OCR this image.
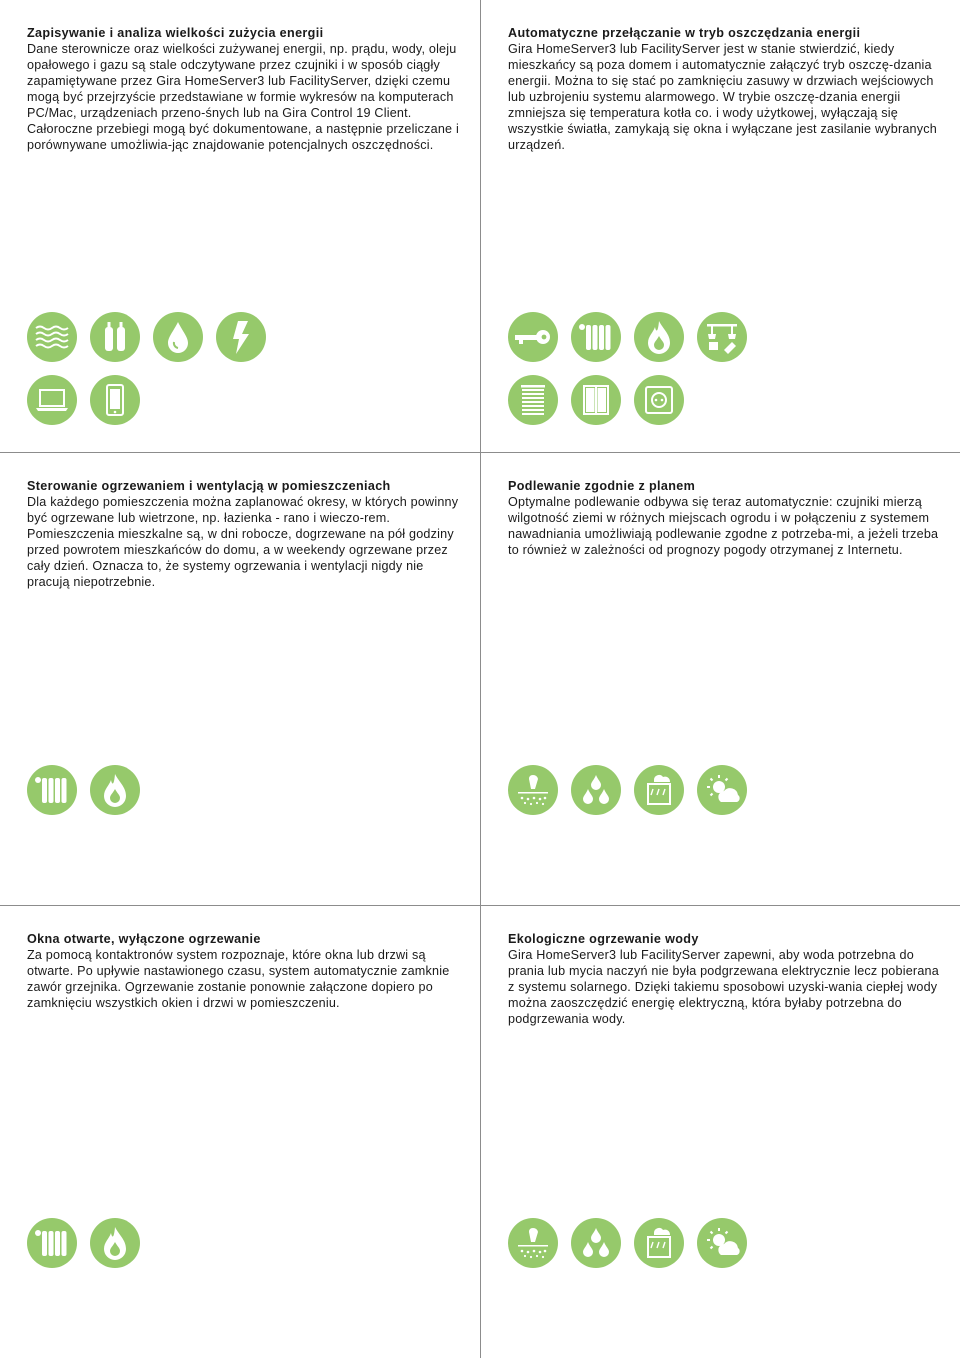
Zapisywanie i analiza wielkości zużycia energii

Dane sterownicze oraz wielkości zużywanej energii, np. prądu, wody, oleju opałowego i gazu są stale odczytywane przez czujniki i w sposób ciągły zapamiętywane przez Gira HomeServer3 lub FacilityServer, dzięki czemu mogą być przejrzyście przedstawiane w formie wykresów na komputerach PC/Mac, urządzeniach przeno-śnych lub na Gira Control 19 Client. Całoroczne przebiegi mogą być dokumentowane, a następnie przeliczane i porównywane umożliwia-jąc znajdowanie potencjalnych oszczędności.

Automatyczne przełączanie w tryb oszczędzania energii

Gira HomeServer3 lub FacilityServer jest w stanie stwierdzić, kiedy mieszkańcy są poza domem i automatycznie załączyć tryb oszczę-dzania energii. Można to się stać po zamknięciu zasuwy w drzwiach wejściowych lub uzbrojeniu systemu alarmowego. W trybie oszczę-dzania energii zmniejsza się temperatura kotła co. i wody użytkowej, wyłączają się wszystkie światła, zamykają się okna i wyłączane jest zasilanie wybranych urządzeń.

Sterowanie ogrzewaniem i wentylacją w pomieszczeniach

Dla każdego pomieszczenia można zaplanować okresy, w których powinny być ogrzewane lub wietrzone, np. łazienka - rano i wieczo-rem. Pomieszczenia mieszkalne są, w dni robocze, dogrzewane na pół godziny przed powrotem mieszkańców do domu, a w weekendy ogrzewane przez cały dzień. Oznacza to, że systemy ogrzewania i wentylacji nigdy nie pracują niepotrzebnie.

Podlewanie zgodnie z planem

Optymalne podlewanie odbywa się teraz automatycznie: czujniki mierzą wilgotność ziemi w różnych miejscach ogrodu i w połączeniu z systemem nawadniania umożliwiają podlewanie zgodne z potrzeba-mi, a jeżeli trzeba to również w zależności od prognozy pogody otrzymanej z Internetu.

Okna otwarte, wyłączone ogrzewanie

Za pomocą kontaktronów system rozpoznaje, które okna lub drzwi są otwarte. Po upływie nastawionego czasu, system automatycznie zamknie zawór grzejnika. Ogrzewanie zostanie ponownie załączone dopiero po zamknięciu wszystkich okien i drzwi w pomieszczeniu.

Ekologiczne ogrzewanie wody

Gira HomeServer3 lub FacilityServer zapewni, aby woda potrzebna do prania lub mycia naczyń nie była podgrzewana elektrycznie lecz pobierana z systemu solarnego. Dzięki takiemu sposobowi uzyski-wania ciepłej wody można zaoszczędzić energię elektryczną, która byłaby potrzebna do podgrzewania wody.
